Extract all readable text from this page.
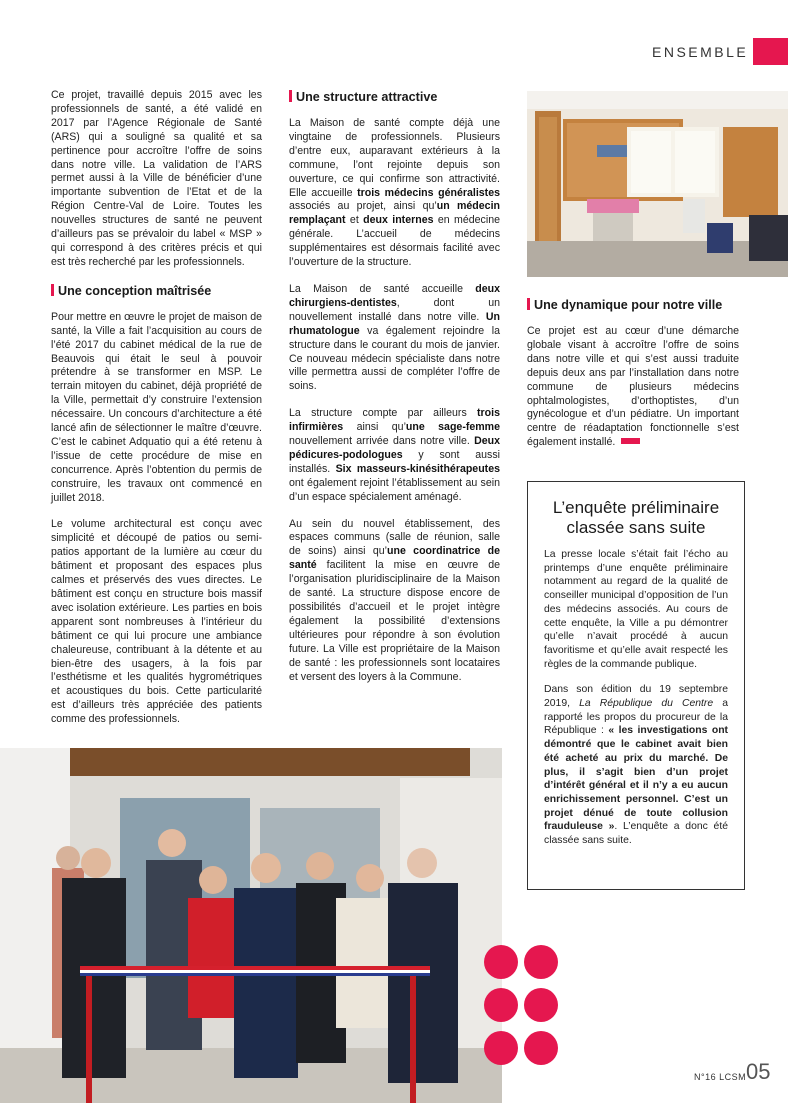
ENSEMBLE

Ce projet, travaillé depuis 2015 avec les professionnels de santé, a été validé en 2017 par l’Agence Régionale de Santé (ARS) qui a souligné sa qualité et sa pertinence pour accroître l’offre de soins dans notre ville. La validation de l’ARS permet aussi à la Ville de bénéficier d’une importante subvention de l’Etat et de la Région Centre-Val de Loire. Toutes les nouvelles structures de santé ne peuvent d’ailleurs pas se prévaloir du label « MSP » qui correspond à des critères précis et qui est très recherché par les professionnels.

Une conception maîtrisée

Pour mettre en œuvre le projet de maison de santé, la Ville a fait l’acquisition au cours de l’été 2017 du cabinet médical de la rue de Beauvois qui était le seul à pouvoir prétendre à se transformer en MSP. Le terrain mitoyen du cabinet, déjà propriété de la Ville, permettait d’y construire l’extension nécessaire. Un concours d’architecture a été lancé afin de sélectionner le maître d’œuvre. C’est le cabinet Adquatio qui a été retenu à l’issue de cette procédure de mise en concurrence. Après l’obtention du permis de construire, les travaux ont commencé en juillet 2018.

Le volume architectural est conçu avec simplicité et découpé de patios ou semi-patios apportant de la lumière au cœur du bâtiment et proposant des espaces plus calmes et préservés des vues directes. Le bâtiment est conçu en structure bois massif avec isolation extérieure. Les parties en bois apparent sont nombreuses à l’intérieur du bâtiment ce qui lui procure une ambiance chaleureuse, contribuant à la détente et au bien-être des usagers, à la fois par l’esthétisme et les qualités hygrométriques et acoustiques du bois. Cette particularité est d’ailleurs très appréciée des patients comme des professionnels.

Une structure attractive

La Maison de santé compte déjà une vingtaine de professionnels. Plusieurs d’entre eux, auparavant extérieurs à la commune, l’ont rejointe depuis son ouverture, ce qui confirme son attractivité. Elle accueille trois médecins généralistes associés au projet, ainsi qu’un médecin remplaçant et deux internes en médecine générale. L’accueil de médecins supplémentaires est désormais facilité avec l’ouverture de la structure.

La Maison de santé accueille deux chirurgiens-dentistes, dont un nouvellement installé dans notre ville. Un rhumatologue va également rejoindre la structure dans le courant du mois de janvier. Ce nouveau médecin spécialiste dans notre ville permettra aussi de compléter l’offre de soins.

La structure compte par ailleurs trois infirmières ainsi qu’une sage-femme nouvellement arrivée dans notre ville. Deux pédicures-podologues y sont aussi installés. Six masseurs-kinésithérapeutes ont également rejoint l’établissement au sein d’un espace spécialement aménagé.

Au sein du nouvel établissement, des espaces communs (salle de réunion, salle de soins) ainsi qu’une coordinatrice de santé facilitent la mise en œuvre de l’organisation pluridisciplinaire de la Maison de santé. La structure dispose encore de possibilités d’accueil et le projet intègre également la possibilité d’extensions ultérieures pour répondre à son évolution future. La Ville est propriétaire de la Maison de santé : les professionnels sont locataires et versent des loyers à la Commune.

Une dynamique pour notre ville

Ce projet est au cœur d’une démarche globale visant à accroître l’offre de soins dans notre ville et qui s’est aussi traduite depuis deux ans par l’installation dans notre commune de plusieurs médecins ophtalmologistes, d’orthoptistes, d’un gynécologue et d’un pédiatre. Un important centre de réadaptation fonctionnelle s’est également installé.

L’enquête préliminaire classée sans suite

La presse locale s’était fait l’écho au printemps d’une enquête préliminaire notamment au regard de la qualité de conseiller municipal d’opposition de l’un des médecins associés. Au cours de cette enquête, la Ville a pu démontrer qu’elle n’avait procédé à aucun favoritisme et qu’elle avait respecté les règles de la commande publique.

Dans son édition du 19 septembre 2019, La République du Centre a rapporté les propos du procureur de la République : « les investigations ont démontré que le cabinet avait bien été acheté au prix du marché. De plus, il s’agit bien d’un projet d’intérêt général et il n’y a eu aucun enrichissement personnel. C’est un projet dénué de toute collusion frauduleuse ». L’enquête a donc été classée sans suite.

N°16 LCSM 05
